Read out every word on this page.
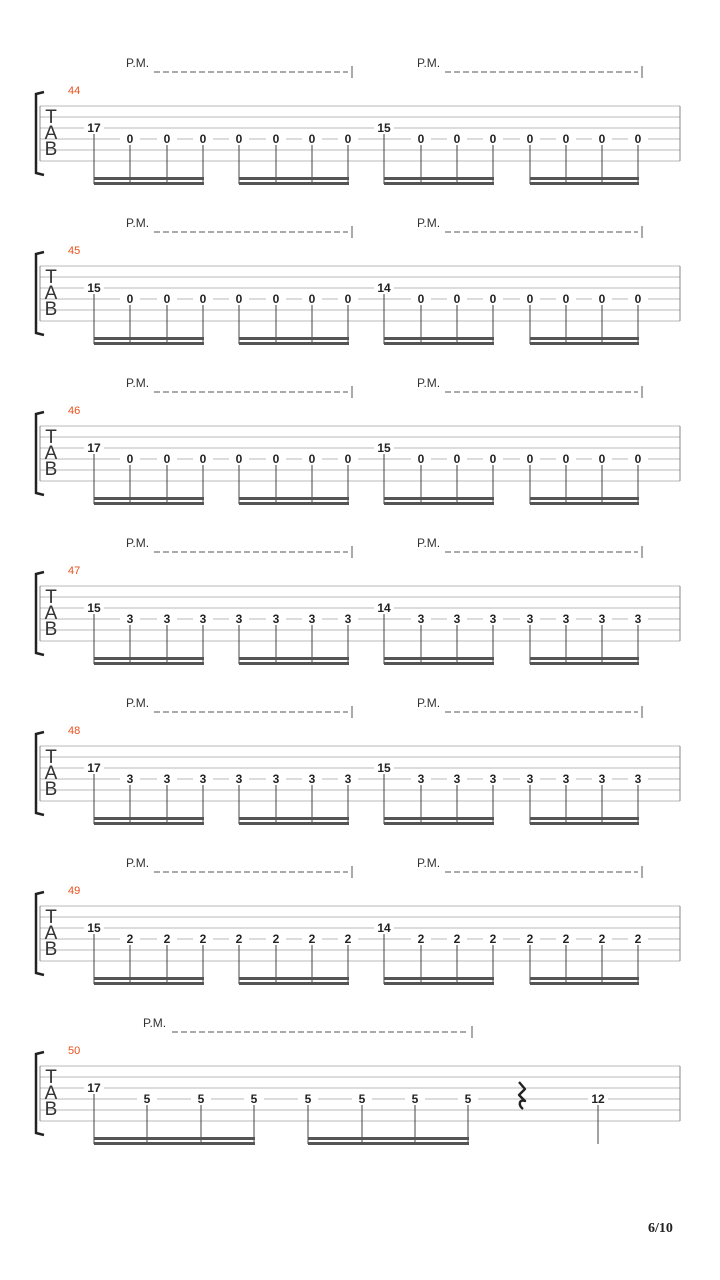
T
A
B
44
P.M.	P.M.
17
0	0 0 0	0 0 0
15
0 0 0	0 0 0 0
T
A
B
45
P.M.	P.M.
15
0	0 0 0	0 0 0
14
0 0 0	0 0 0 0
T
A
B
46
P.M.	P.M.
17
0	0 0 0	0 0 0
15
0 0 0	0 0 0 0
T
A
B
47
P.M.	P.M.
15
3	3 3 3	3 3 3
14
3 3 3	3 3 3 3
T
A
B
48
P.M.	P.M.
17
3	3 3 3	3 3 3
15
3 3 3	3 3 3 3
T
A
B
49
P.M.	P.M.
15
2	2 2 2	2 2 2
14
2 2 2	2 2 2 2
T
A
B
50
P.M.
17
5	5	5	5	5	5	5	12
6/10
